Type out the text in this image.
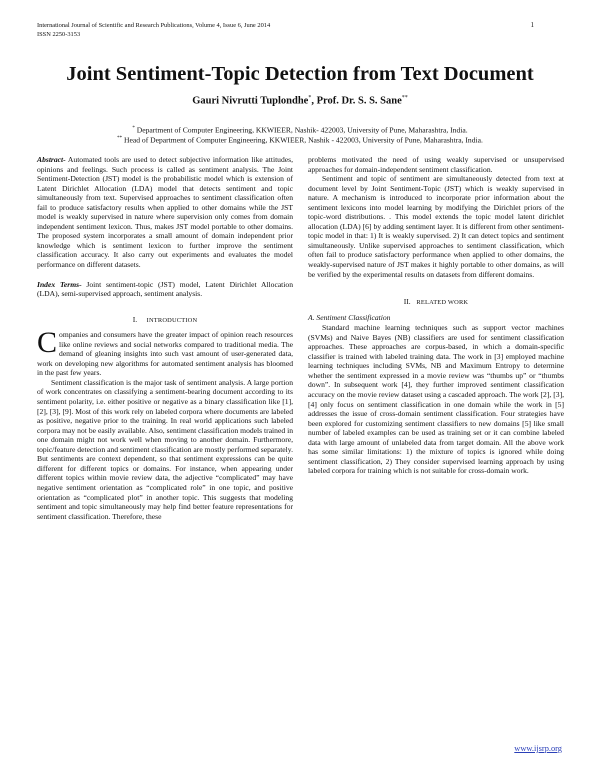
International Journal of Scientific and Research Publications, Volume 4, Issue 6, June 2014
ISSN 2250-3153
1
Joint Sentiment-Topic Detection from Text Document
Gauri Nivrutti Tuplondhe*, Prof. Dr. S. S. Sane**
* Department of Computer Engineering, KKWIEER, Nashik- 422003, University of Pune, Maharashtra, India.
** Head of Department of Computer Engineering, KKWIEER, Nashik - 422003, University of Pune, Maharashtra, India.

Abstract- Automated tools are used to detect subjective information like attitudes, opinions and feelings. Such process is called as sentiment analysis. The Joint Sentiment-Detection (JST) model is the probabilistic model which is extension of Latent Dirichlet Allocation (LDA) model that detects sentiment and topic simultaneously from text. Supervised approaches to sentiment classification often fail to produce satisfactory results when applied to other domains while the JST model is weakly supervised in nature where supervision only comes from domain independent sentiment lexicon. Thus, makes JST model portable to other domains. The proposed system incorporates a small amount of domain independent prior knowledge which is sentiment lexicon to further improve the sentiment classification accuracy. It also carry out experiments and evaluates the model performance on different datasets.

Index Terms- Joint sentiment-topic (JST) model, Latent Dirichlet Allocation (LDA), semi-supervised approach, sentiment analysis.

I. INTRODUCTION

Companies and consumers have the greater impact of opinion reach resources like online reviews and social networks compared to traditional media. The demand of gleaning insights into such vast amount of user-generated data, work on developing new algorithms for automated sentiment analysis has bloomed in the past few years.

Sentiment classification is the major task of sentiment analysis. A large portion of work concentrates on classifying a sentiment-bearing document according to its sentiment polarity, i.e. either positive or negative as a binary classification like [1], [2], [3], [9]. Most of this work rely on labeled corpora where documents are labeled as positive, negative prior to the training. In real world applications such labeled corpora may not be easily available. Also, sentiment classification models trained in one domain might not work well when moving to another domain. Furthermore, topic/feature detection and sentiment classification are mostly performed separately. But sentiments are context dependent, so that sentiment expressions can be quite different for different topics or domains. For instance, when appearing under different topics within movie review data, the adjective “complicated” may have negative sentiment orientation as “complicated role” in one topic, and positive orientation as “complicated plot” in another topic. This suggests that modeling sentiment and topic simultaneously may help find better feature representations for sentiment classification. Therefore, these

problems motivated the need of using weakly supervised or unsupervised approaches for domain-independent sentiment classification.

Sentiment and topic of sentiment are simultaneously detected from text at document level by Joint Sentiment-Topic (JST) which is weakly supervised in nature. A mechanism is introduced to incorporate prior information about the sentiment lexicons into model learning by modifying the Dirichlet priors of the topic-word distributions. . This model extends the topic model latent dirichlet allocation (LDA) [6] by adding sentiment layer. It is different from other sentiment-topic model in that: 1) It is weakly supervised. 2) It can detect topics and sentiment simultaneously. Unlike supervised approaches to sentiment classification, which often fail to produce satisfactory performance when applied to other domains, the weakly-supervised nature of JST makes it highly portable to other domains, as will be verified by the experimental results on datasets from different domains.

II. RELATED WORK
A. Sentiment Classification

Standard machine learning techniques such as support vector machines (SVMs) and Naive Bayes (NB) classifiers are used for sentiment classification approaches. These approaches are corpus-based, in which a domain-specific classifier is trained with labeled training data. The work in [3] employed machine learning techniques including SVMs, NB and Maximum Entropy to determine whether the sentiment expressed in a movie review was “thumbs up” or “thumbs down”. In subsequent work [4], they further improved sentiment classification accuracy on the movie review dataset using a cascaded approach. The work [2], [3], [4] only focus on sentiment classification in one domain while the work in [5] addresses the issue of cross-domain sentiment classification. Four strategies have been explored for customizing sentiment classifiers to new domains [5] like small number of labeled examples can be used as training set or it can combine labeled data with large amount of unlabeled data from target domain. All the above work has some similar limitations: 1) the mixture of topics is ignored while doing sentiment classification, 2) They consider supervised learning approach by using labeled corpora for training which is not suitable for cross-domain work.

www.ijsrp.org
